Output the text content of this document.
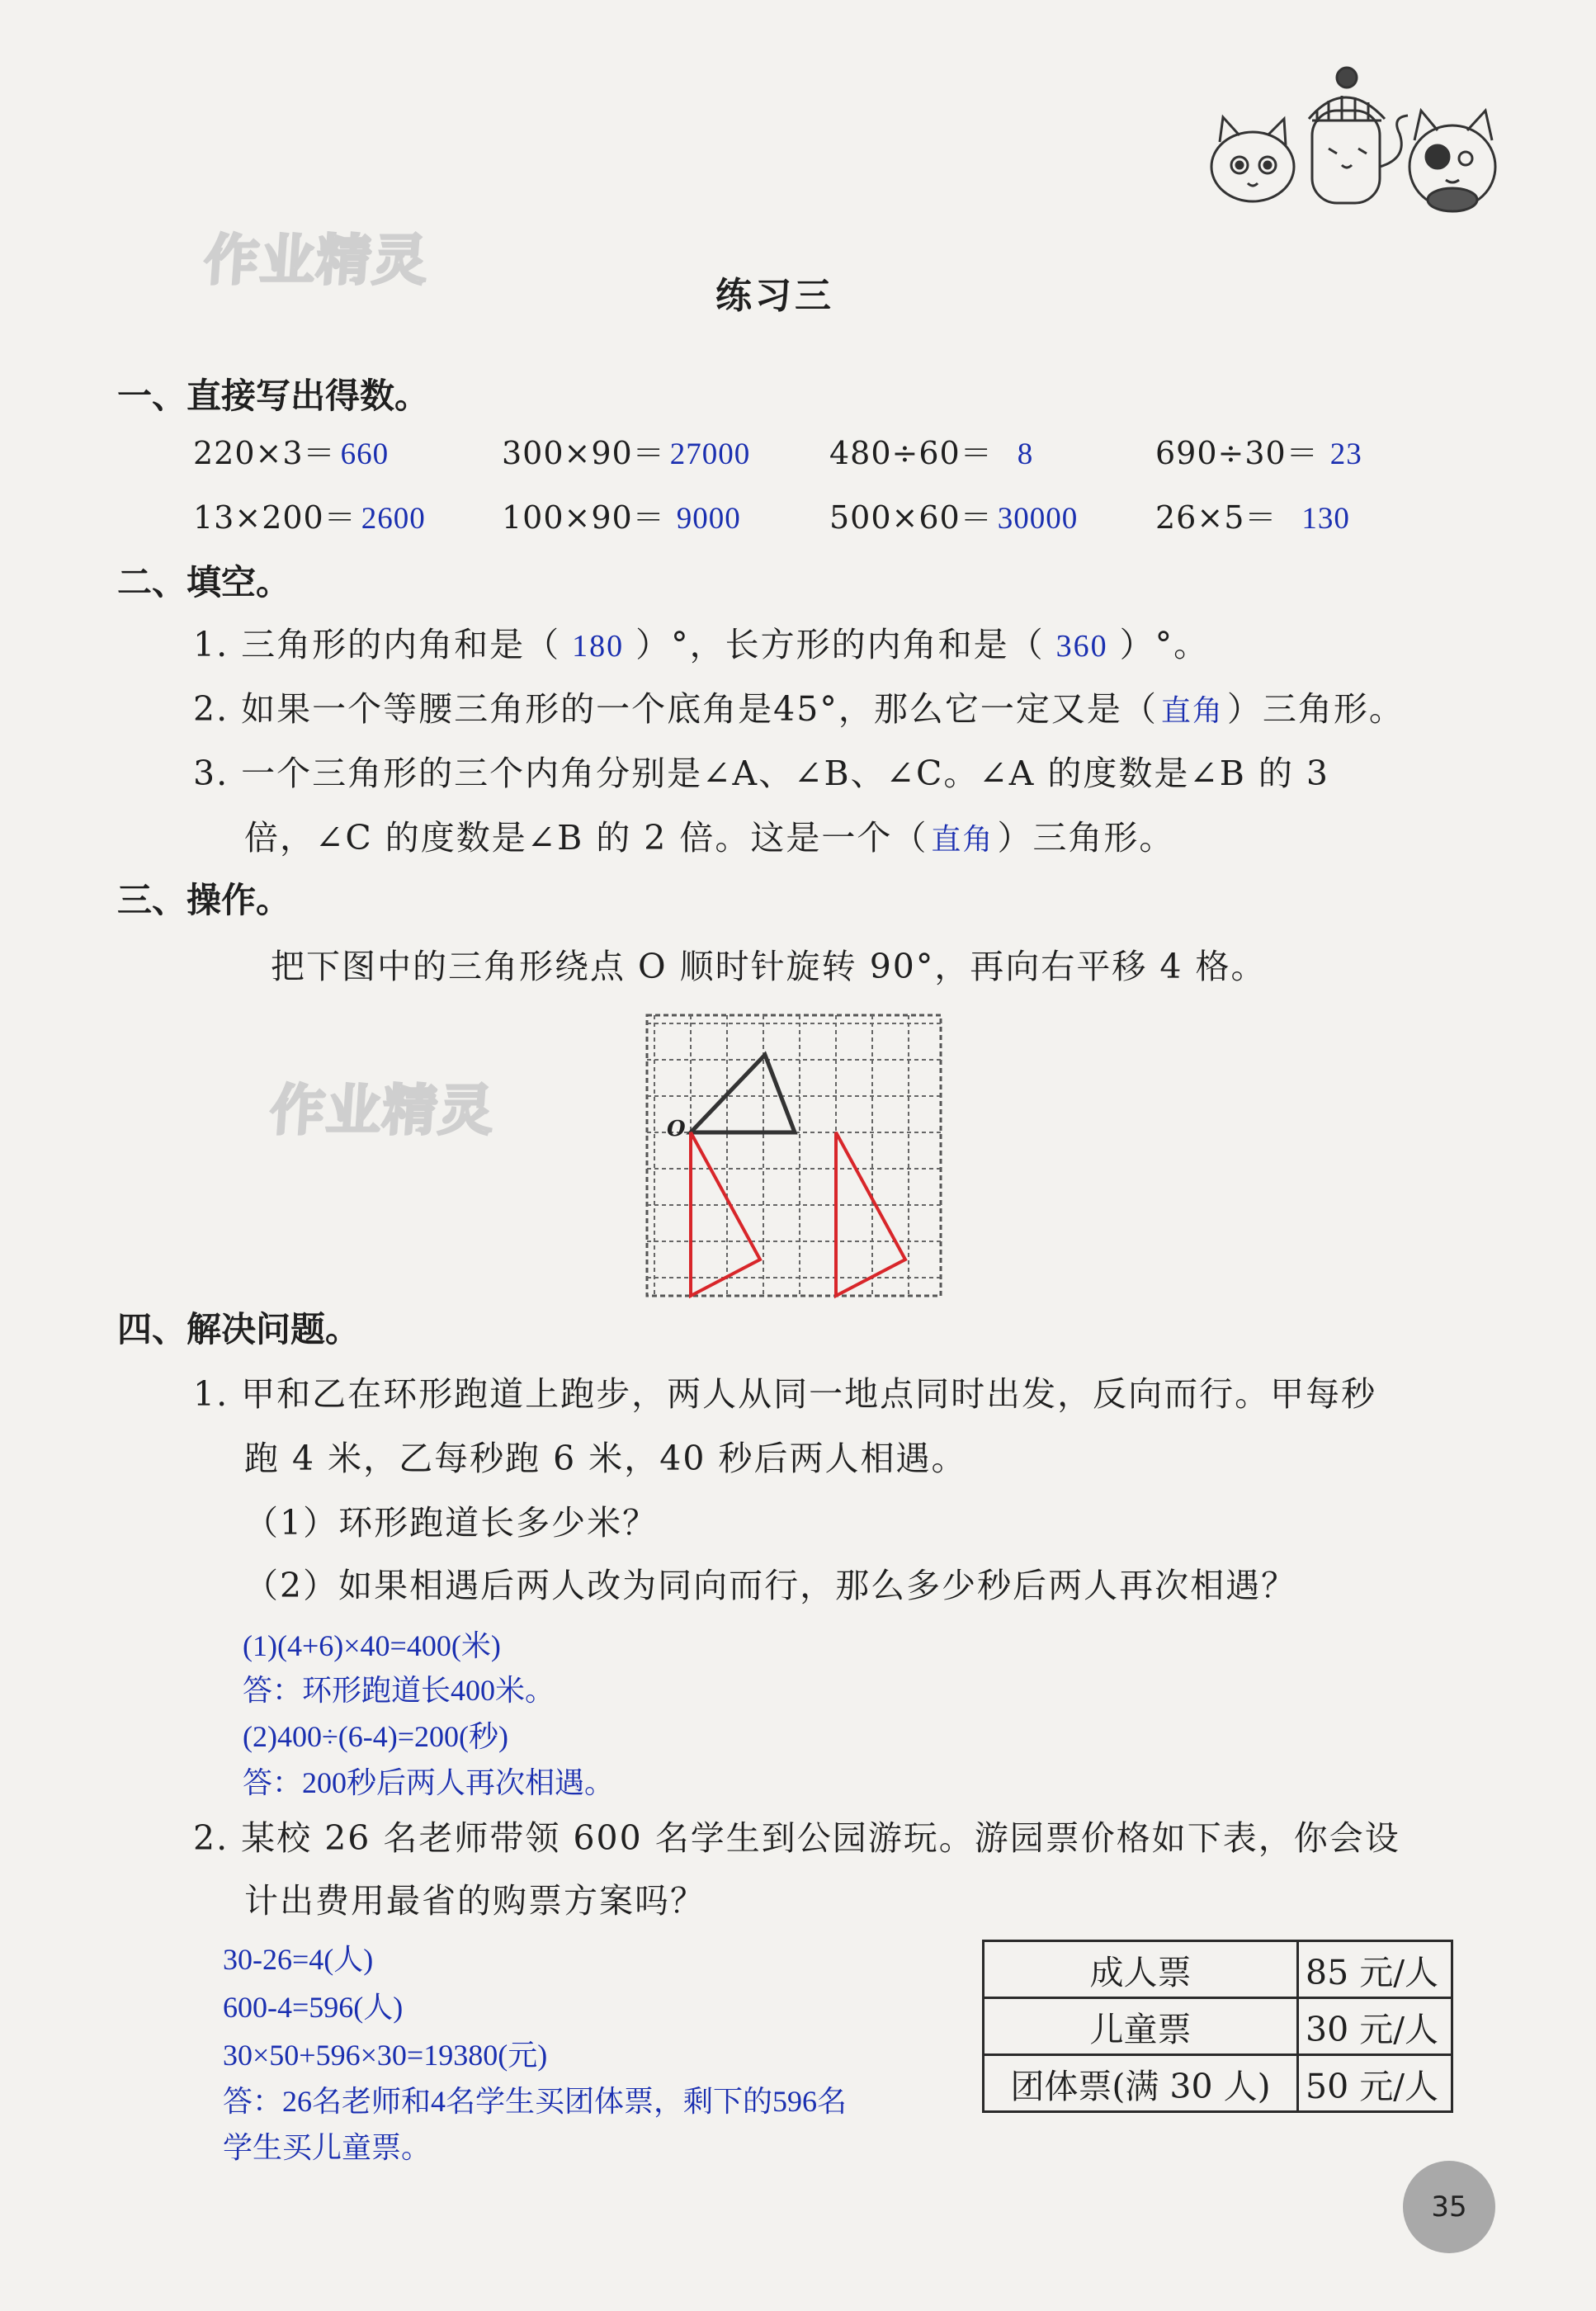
作业精灵
作业精灵
练习三
一、直接写出得数。
220×3＝ 660	300×90＝ 27000	480÷60＝ 8	690÷30＝ 23
13×200＝ 2600 100×90＝ 9000	500×60＝ 30000 26×5＝ 130
二、填空。
1. 三角形的内角和是（ 180 ）°，长方形的内角和是（ 360 ）°。
2. 如果一个等腰三角形的一个底角是45°，那么它一定又是（ 直角）三角形。
3. 一个三角形的三个内角分别是∠A、∠B、∠C。∠A 的度数是∠B 的 3
倍，∠C 的度数是∠B 的 2 倍。这是一个（ 直角）三角形。
三、操作。
把下图中的三角形绕点 O 顺时针旋转 90°，再向右平移 4 格。
O
四、解决问题。
1. 甲和乙在环形跑道上跑步，两人从同一地点同时出发，反向而行。甲每秒
跑 4 米，乙每秒跑 6 米，40 秒后两人相遇。
（1）环形跑道长多少米？
（2）如果相遇后两人改为同向而行，那么多少秒后两人再次相遇？
(1)(4+6)×40=400(米)
答：环形跑道长400米。
(2)400÷(6-4)=200(秒)
答：200秒后两人再次相遇。
2. 某校 26 名老师带领 600 名学生到公园游玩。游园票价格如下表，你会设
计出费用最省的购票方案吗？
30-26=4(人)
600-4=596(人)
30×50+596×30=19380(元)
答：26名老师和4名学生买团体票，剩下的596名
学生买儿童票。
成人票	85 元/人
儿童票	30 元/人
团体票(满 30 人)	50 元/人
35
